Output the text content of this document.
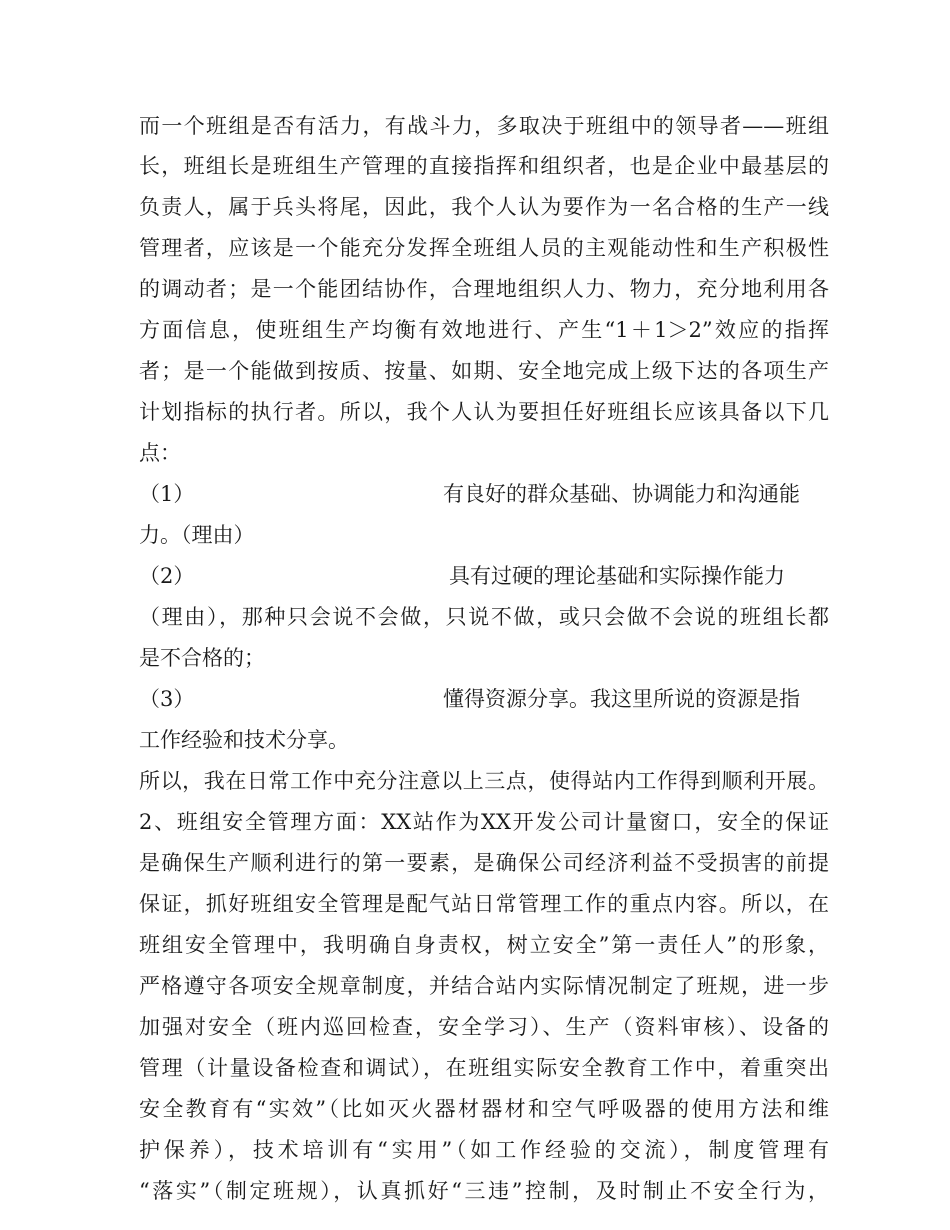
而一个班组是否有活力，有战斗力，多取决于班组中的领导者——班组
长，班组长是班组生产管理的直接指挥和组织者，也是企业中最基层的
负责人，属于兵头将尾，因此，我个人认为要作为一名合格的生产一线
管理者，应该是一个能充分发挥全班组人员的主观能动性和生产积极性
的调动者；是一个能团结协作，合理地组织人力、物力，充分地利用各
方面信息，使班组生产均衡有效地进行、产生“1＋1＞2”效应的指挥
者；是一个能做到按质、按量、如期、安全地完成上级下达的各项生产
计划指标的执行者。所以，我个人认为要担任好班组长应该具备以下几
点：
（1）	有良好的群众基础、协调能力和沟通能
力。（理由）
（2）	具有过硬的理论基础和实际操作能力
（理由），那种只会说不会做，只说不做，或只会做不会说的班组长都
是不合格的；
（3）	懂得资源分享。我这里所说的资源是指
工作经验和技术分享。
所以，我在日常工作中充分注意以上三点，使得站内工作得到顺利开展。
2、班组安全管理方面：XX站作为XX开发公司计量窗口，安全的保证
是确保生产顺利进行的第一要素，是确保公司经济利益不受损害的前提
保证，抓好班组安全管理是配气站日常管理工作的重点内容。所以，在
班组安全管理中，我明确自身责权，树立安全”第一责任人”的形象，
严格遵守各项安全规章制度，并结合站内实际情况制定了班规，进一步
加强对安全（班内巡回检查，安全学习）、生产（资料审核）、设备的
管理（计量设备检查和调试），在班组实际安全教育工作中，着重突出
安全教育有“实效”（比如灭火器材器材和空气呼吸器的使用方法和维
护保养），技术培训有“实用”（如工作经验的交流），制度管理有
“落实”（制定班规），认真抓好“三违”控制，及时制止不安全行为，
